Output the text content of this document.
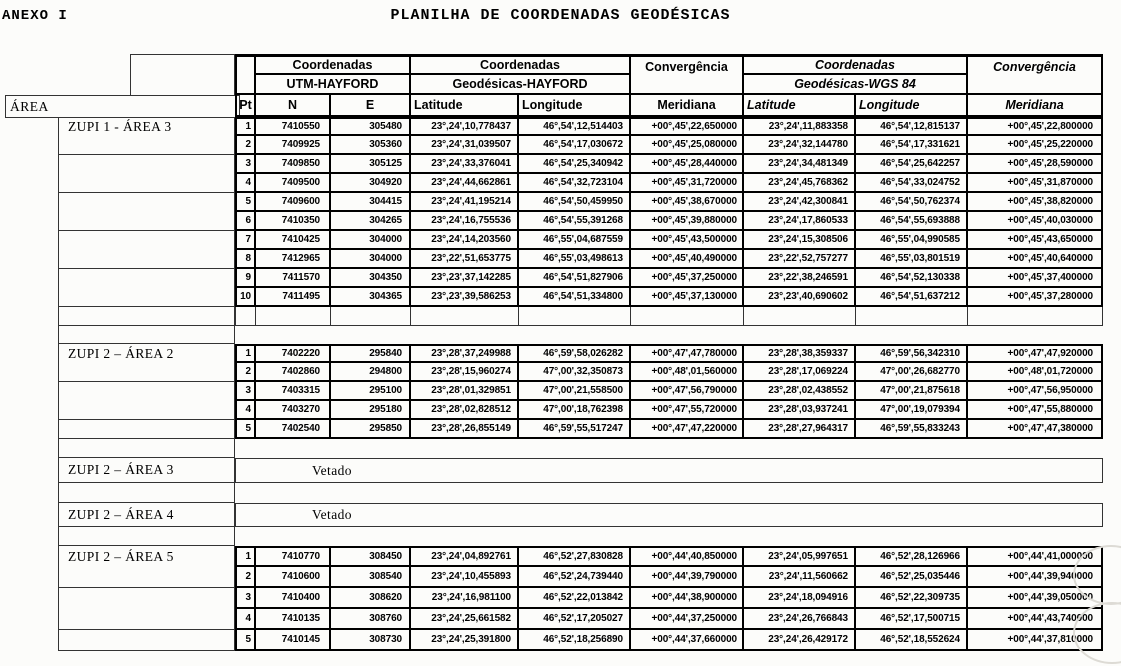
ANEXO I	PLANILHA DE COORDENADAS GEODÉSICAS
ÁREA
Coordenadas	Coordenadas	Convergência	Coordenadas	Convergência
UTM-HAYFORD	Geodésicas-HAYFORD	Geodésicas-WGS 84
Pt	N	E	Latitude	Longitude	Meridiana	Latitude	Longitude	Meridiana
ZUPI 1 - ÁREA 3	1	7410550	305480	23°,24',10,778437	46°,54',12,514403	+00°,45',22,650000	23°,24',11,883358	46°,54',12,815137	+00°,45',22,800000
2	7409925	305360	23°,24',31,039507	46°,54',17,030672	+00°,45',25,080000	23°,24',32,144780	46°,54',17,331621	+00°,45',25,220000
3	7409850	305125	23°,24',33,376041	46°,54',25,340942	+00°,45',28,440000	23°,24',34,481349	46°,54',25,642257	+00°,45',28,590000
4	7409500	304920	23°,24',44,662861	46°,54',32,723104	+00°,45',31,720000	23°,24',45,768362	46°,54',33,024752	+00°,45',31,870000
5	7409600	304415	23°,24',41,195214	46°,54',50,459950	+00°,45',38,670000	23°,24',42,300841	46°,54',50,762374	+00°,45',38,820000
6	7410350	304265	23°,24',16,755536	46°,54',55,391268	+00°,45',39,880000	23°,24',17,860533	46°,54',55,693888	+00°,45',40,030000
7	7410425	304000	23°,24',14,203560	46°,55',04,687559	+00°,45',43,500000	23°,24',15,308506	46°,55',04,990585	+00°,45',43,650000
8	7412965	304000	23°,22',51,653775	46°,55',03,498613	+00°,45',40,490000	23°,22',52,757277	46°,55',03,801519	+00°,45',40,640000
9	7411570	304350	23°,23',37,142285	46°,54',51,827906	+00°,45',37,250000	23°,22',38,246591	46°,54',52,130338	+00°,45',37,400000
10	7411495	304365	23°,23',39,586253	46°,54',51,334800	+00°,45',37,130000	23°,23',40,690602	46°,54',51,637212	+00°,45',37,280000
ZUPI 2 – ÁREA 2	1	7402220	295840	23°,28',37,249988	46°,59',58,026282	+00°,47',47,780000	23°,28',38,359337	46°,59',56,342310	+00°,47',47,920000
2	7402860	294800	23°,28',15,960274	47°,00',32,350873	+00°,48',01,560000	23°,28',17,069224	47°,00',26,682770	+00°,48',01,720000
3	7403315	295100	23°,28',01,329851	47°,00',21,558500	+00°,47',56,790000	23°,28',02,438552	47°,00',21,875618	+00°,47',56,950000
4	7403270	295180	23°,28',02,828512	47°,00',18,762398	+00°,47',55,720000	23°,28',03,937241	47°,00',19,079394	+00°,47',55,880000
5	7402540	295850	23°,28',26,855149	46°,59',55,517247	+00°,47',47,220000	23°,28',27,964317	46°,59',55,833243	+00°,47',47,380000
ZUPI 2 – ÁREA 3	Vetado
ZUPI 2 – ÁREA 4	Vetado
ZUPI 2 – ÁREA 5	1	7410770	308450	23°,24',04,892761	46°,52',27,830828	+00°,44',40,850000	23°,24',05,997651	46°,52',28,126966	+00°,44',41,000000
2	7410600	308540	23°,24',10,455893	46°,52',24,739440	+00°,44',39,790000	23°,24',11,560662	46°,52',25,035446	+00°,44',39,940000
3	7410400	308620	23°,24',16,981100	46°,52',22,013842	+00°,44',38,900000	23°,24',18,094916	46°,52',22,309735	+00°,44',39,050000
4	7410135	308760	23°,24',25,661582	46°,52',17,205027	+00°,44',37,250000	23°,24',26,766843	46°,52',17,500715	+00°,44',43,740000
5	7410145	308730	23°,24',25,391800	46°,52',18,256890	+00°,44',37,660000	23°,24',26,429172	46°,52',18,552624	+00°,44',37,810000
